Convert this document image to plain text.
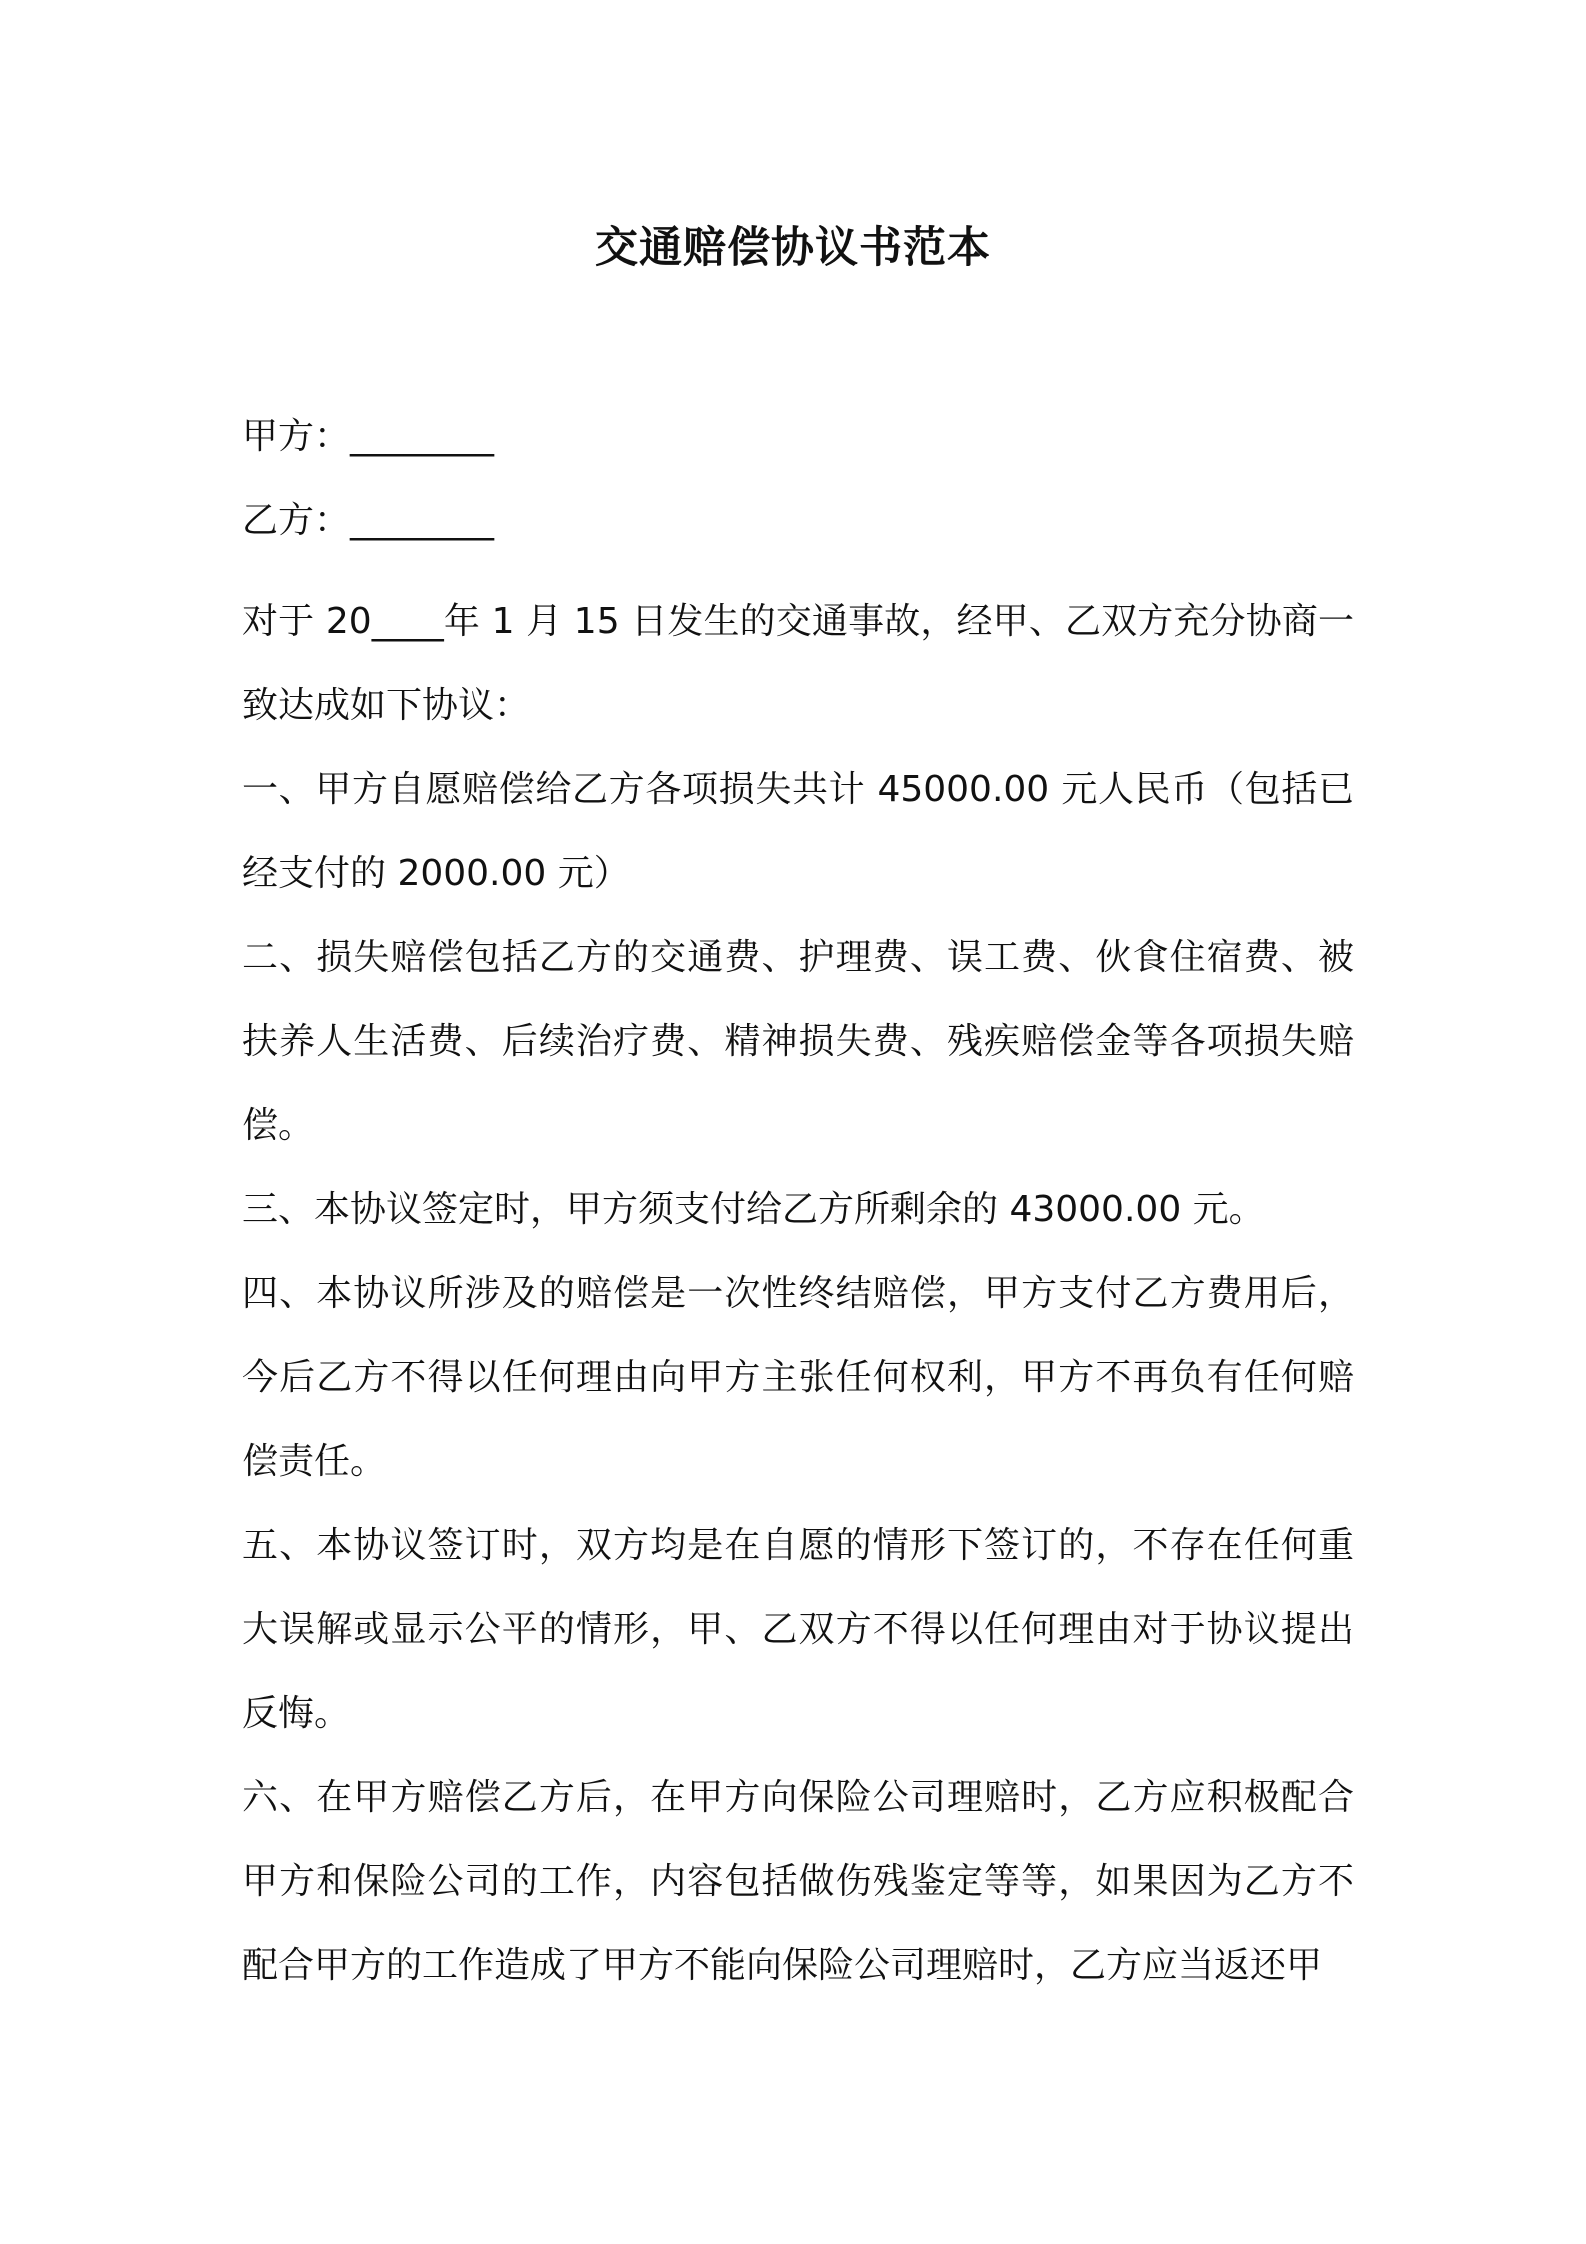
交通赔偿协议书范本
甲方：________
乙方：________

对于 20____年 1 月 15 日发生的交通事故，经甲、乙双方充分协商一致达成如下协议：

一、甲方自愿赔偿给乙方各项损失共计 45000.00 元人民币（包括已经支付的 2000.00 元）

二、损失赔偿包括乙方的交通费、护理费、误工费、伙食住宿费、被扶养人生活费、后续治疗费、精神损失费、残疾赔偿金等各项损失赔偿。

三、本协议签定时，甲方须支付给乙方所剩余的 43000.00 元。

四、本协议所涉及的赔偿是一次性终结赔偿，甲方支付乙方费用后，今后乙方不得以任何理由向甲方主张任何权利，甲方不再负有任何赔偿责任。

五、本协议签订时，双方均是在自愿的情形下签订的，不存在任何重大误解或显示公平的情形，甲、乙双方不得以任何理由对于协议提出反悔。

六、在甲方赔偿乙方后，在甲方向保险公司理赔时，乙方应积极配合甲方和保险公司的工作，内容包括做伤残鉴定等等，如果因为乙方不配合甲方的工作造成了甲方不能向保险公司理赔时，乙方应当返还甲
